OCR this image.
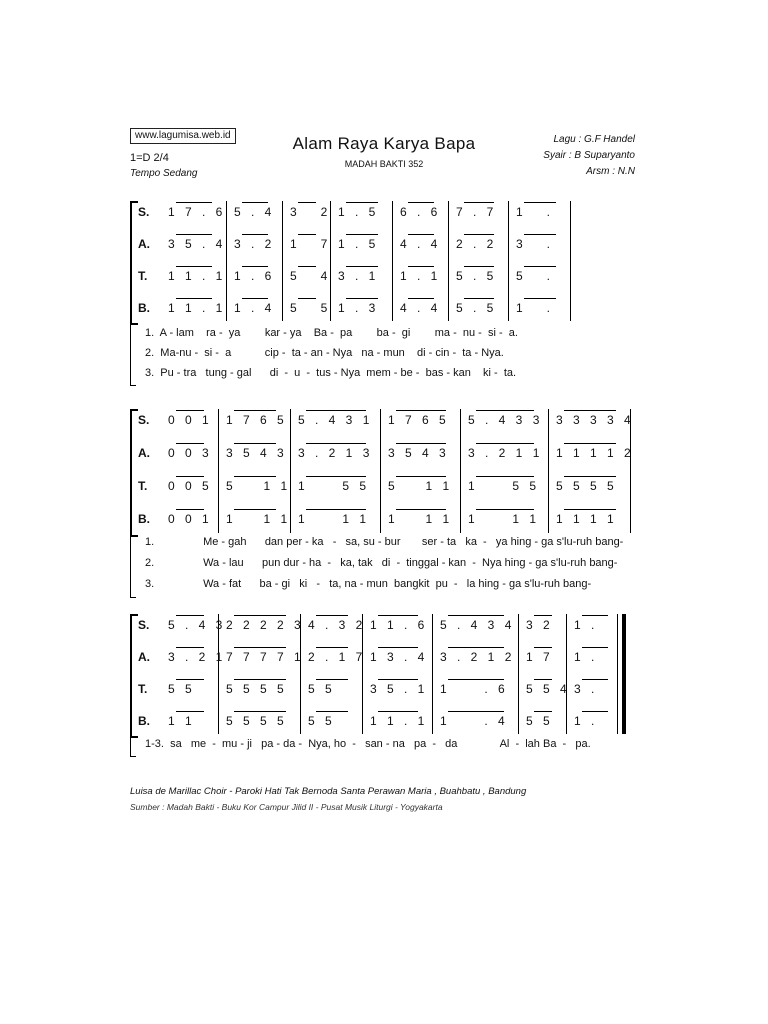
www.lagumisa.web.id	Alam Raya Karya Bapa
MADAH BAKTI 352
1=D 2/4
Tempo Sedang
Lagu : G.F Handel
Syair : B Suparyanto
Arsm : N.N
S.
A.
T.
B.
1 7 . 6
3 5 . 4
1 1 . 1
1 1 . 1
5 . 4
3 . 2
1 . 6
1 . 4
3   2
1   7
5   4
5   5
1 . 5
1 . 5
3 . 1
1 . 3
6 . 6
4 . 4
1 . 1
4 . 4
7 . 7
2 . 2
5 . 5
5 . 5
1   .
3   .
5   .
1   .
1.  A - lam    ra -  ya        kar - ya    Ba -  pa        ba -  gi        ma -  nu -  si -  a.
2.  Ma-nu -  si -  a           cip -  ta - an - Nya   na - mun    di - cin -  ta - Nya.
3.  Pu - tra   tung - gal      di  -  u  -  tus - Nya  mem - be -  bas - kan    ki -  ta.
S.
A.
T.
B.
0 0 1
0 0 3
0 0 5
0 0 1
1 7 6 5
3 5 4 3
5    1 1
1    1 1
5 . 4 3 1
3 . 2 1 3
1     5 5
1     1 1
1 7 6 5
3 5 4 3
5    1 1
1    1 1
5 . 4 3 3
3 . 2 1 1
1     5 5
1     1 1
3 3 3 3 4
1 1 1 1 2
5 5 5 5
1 1 1 1
1.                Me - gah      dan per - ka   -   sa, su - bur       ser - ta   ka  -   ya hing - ga s'lu-ruh bang-
2.                Wa - lau      pun dur - ha  -   ka, tak   di  -  tinggal - kan  -  Nya hing - ga s'lu-ruh bang-
3.                Wa - fat      ba - gi   ki   -   ta, na - mun  bangkit  pu  -   la hing - ga s'lu-ruh bang-
S.
A.
T.
B.
5 . 4 3
3 . 2 1
5 5
1 1
2 2 2 2 3
7 7 7 7 1
5 5 5 5
5 5 5 5
4 . 3 2
2 . 1 7
5 5
5 5
1 1 . 6
1 3 . 4
3 5 . 1
1 1 . 1
5 . 4 3 4
3 . 2 1 2
1     . 6
1     . 4
3 2
1 7
5 5 4
5 5
1 .
1 .
3 .
1 .
1-3.  sa   me  -  mu - ji   pa - da -  Nya, ho  -   san - na   pa  -   da              Al  -  lah Ba  -   pa.
Luisa de Marillac Choir - Paroki Hati Tak Bernoda Santa Perawan Maria , Buahbatu , Bandung
Sumber : Madah Bakti - Buku Kor Campur Jilid II - Pusat Musik Liturgi - Yogyakarta
